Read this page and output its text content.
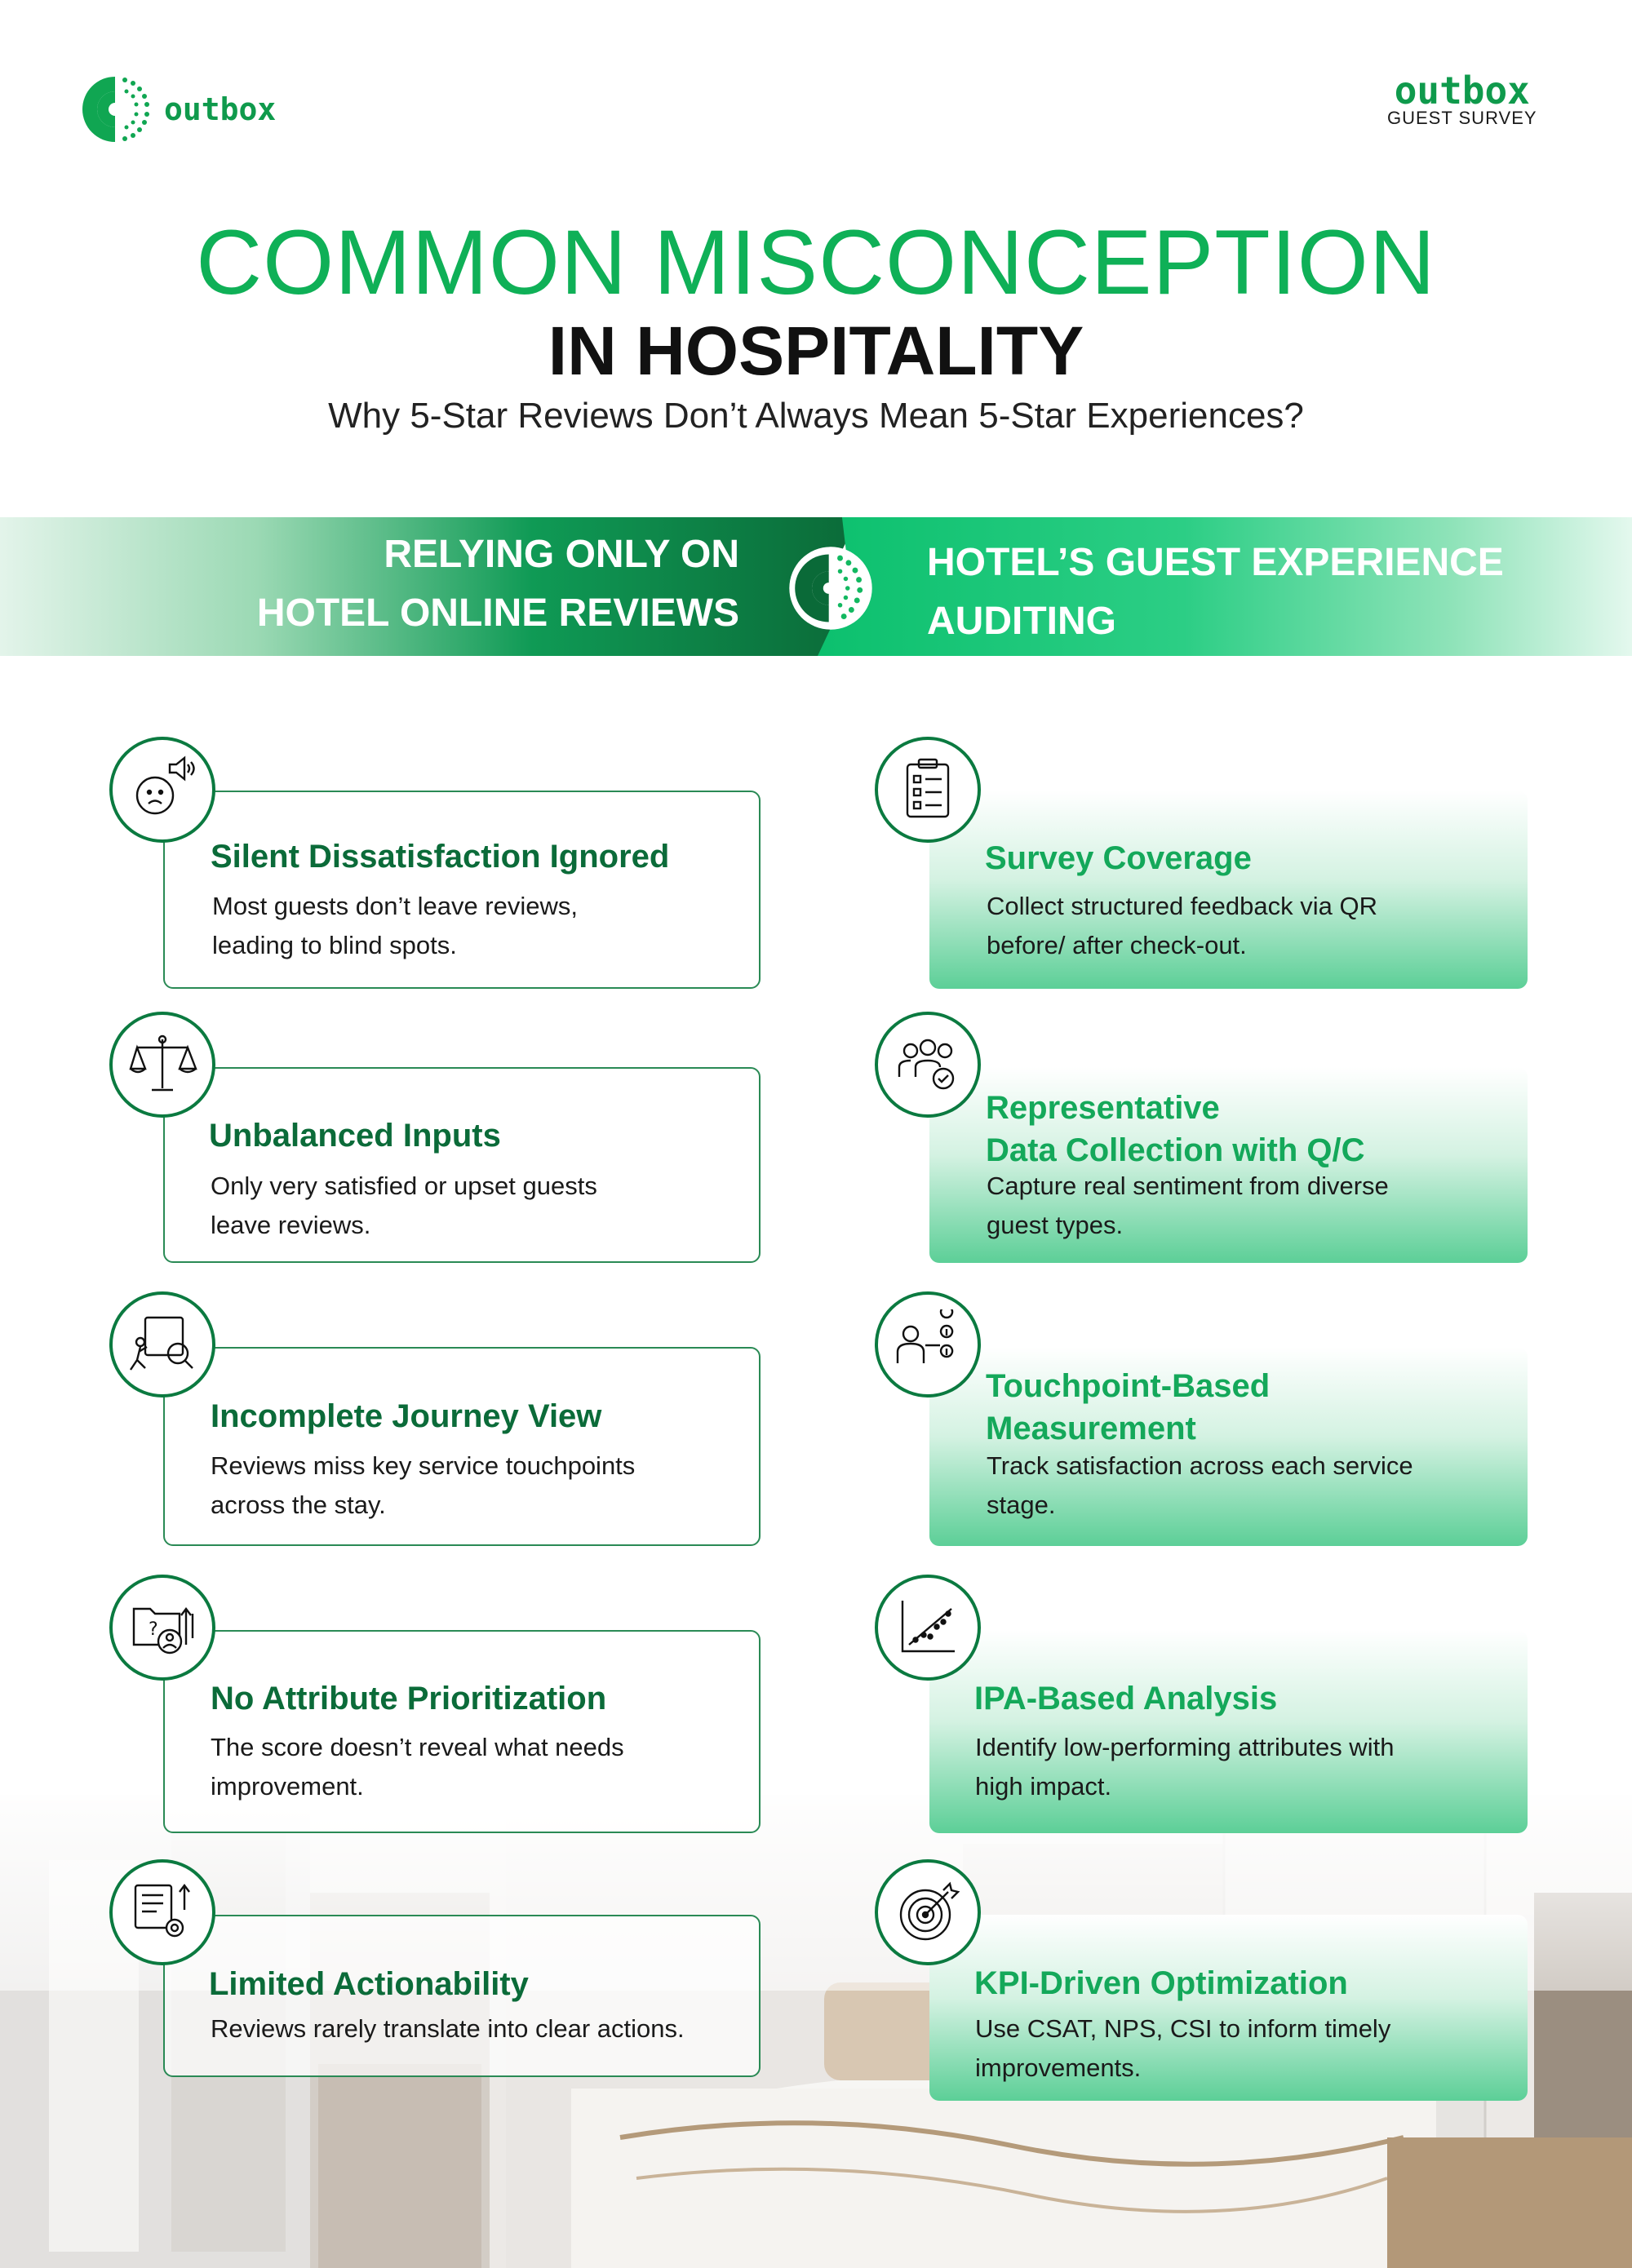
outbox	outbox
GUEST SURVEY
COMMON MISCONCEPTION
IN HOSPITALITY
Why 5-Star Reviews Don’t Always Mean 5-Star Experiences?
RELYING ONLY ON
HOTEL ONLINE REVIEWS
HOTEL’S GUEST EXPERIENCE
AUDITING
Silent Dissatisfaction Ignored
Most guests don’t leave reviews,
leading to blind spots.
Unbalanced Inputs
Only very satisfied or upset guests
leave reviews.
Incomplete Journey View
Reviews miss key service touchpoints
across the stay.
?
No Attribute Prioritization
The score doesn’t reveal what needs
improvement.
Limited Actionability
Reviews rarely translate into clear actions.
Survey Coverage
Collect structured feedback via QR
before/ after check-out.
Representative
Data Collection with Q/C
Capture real sentiment from diverse
guest types.
Touchpoint-Based
Measurement
Track satisfaction across each service
stage.
IPA-Based Analysis
Identify low-performing attributes with
high impact.
KPI-Driven Optimization
Use CSAT, NPS, CSI to inform timely
improvements.
